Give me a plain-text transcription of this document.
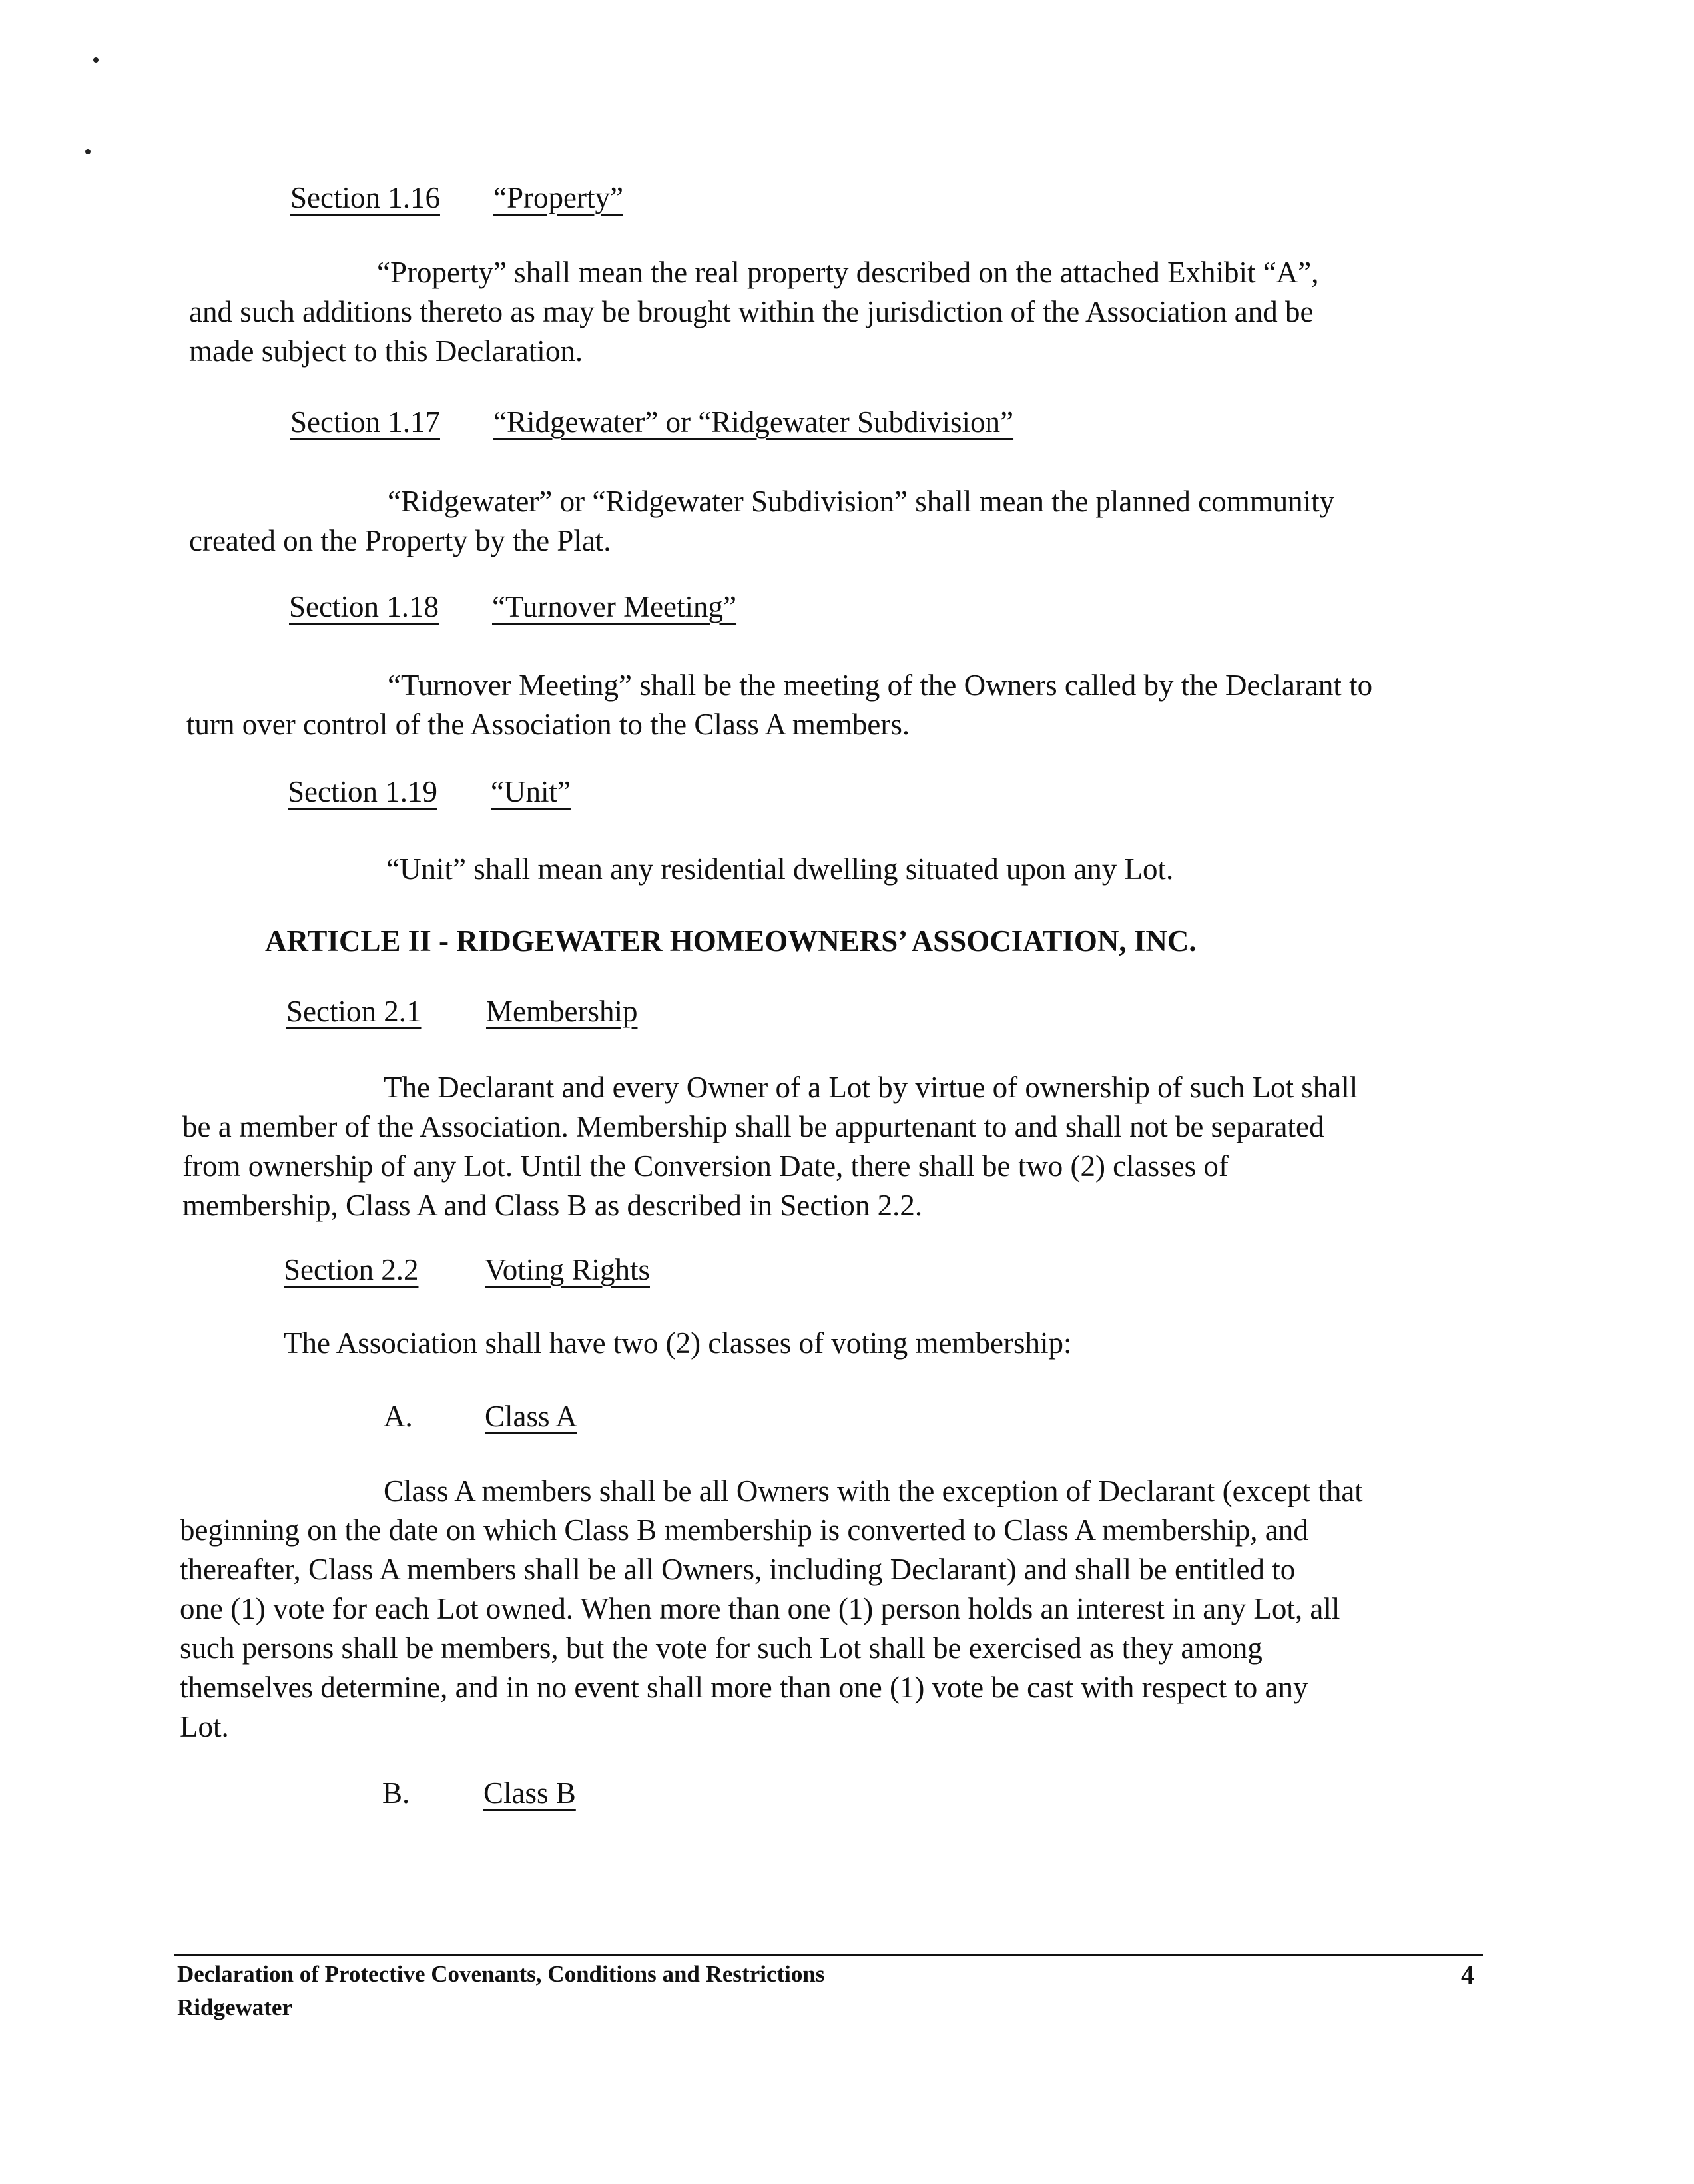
Section 1.16	“Property”
“Property” shall mean the real property described on the attached Exhibit “A”,
and such additions thereto as may be brought within the jurisdiction of the Association and be
made subject to this Declaration.
Section 1.17	“Ridgewater” or “Ridgewater Subdivision”
“Ridgewater” or “Ridgewater Subdivision” shall mean the planned community
created on the Property by the Plat.
Section 1.18	“Turnover Meeting”
“Turnover Meeting” shall be the meeting of the Owners called by the Declarant to
turn over control of the Association to the Class A members.
Section 1.19	“Unit”
“Unit” shall mean any residential dwelling situated upon any Lot.
ARTICLE II - RIDGEWATER HOMEOWNERS’ ASSOCIATION, INC.
Section 2.1	Membership
The Declarant and every Owner of a Lot by virtue of ownership of such Lot shall
be a member of the Association. Membership shall be appurtenant to and shall not be separated
from ownership of any Lot. Until the Conversion Date, there shall be two (2) classes of
membership, Class A and Class B as described in Section 2.2.
Section 2.2	Voting Rights
The Association shall have two (2) classes of voting membership:
A.	Class A
Class A members shall be all Owners with the exception of Declarant (except that
beginning on the date on which Class B membership is converted to Class A membership, and
thereafter, Class A members shall be all Owners, including Declarant) and shall be entitled to
one (1) vote for each Lot owned. When more than one (1) person holds an interest in any Lot, all
such persons shall be members, but the vote for such Lot shall be exercised as they among
themselves determine, and in no event shall more than one (1) vote be cast with respect to any
Lot.
B.	Class B
Declaration of Protective Covenants, Conditions and Restrictions
Ridgewater
4
